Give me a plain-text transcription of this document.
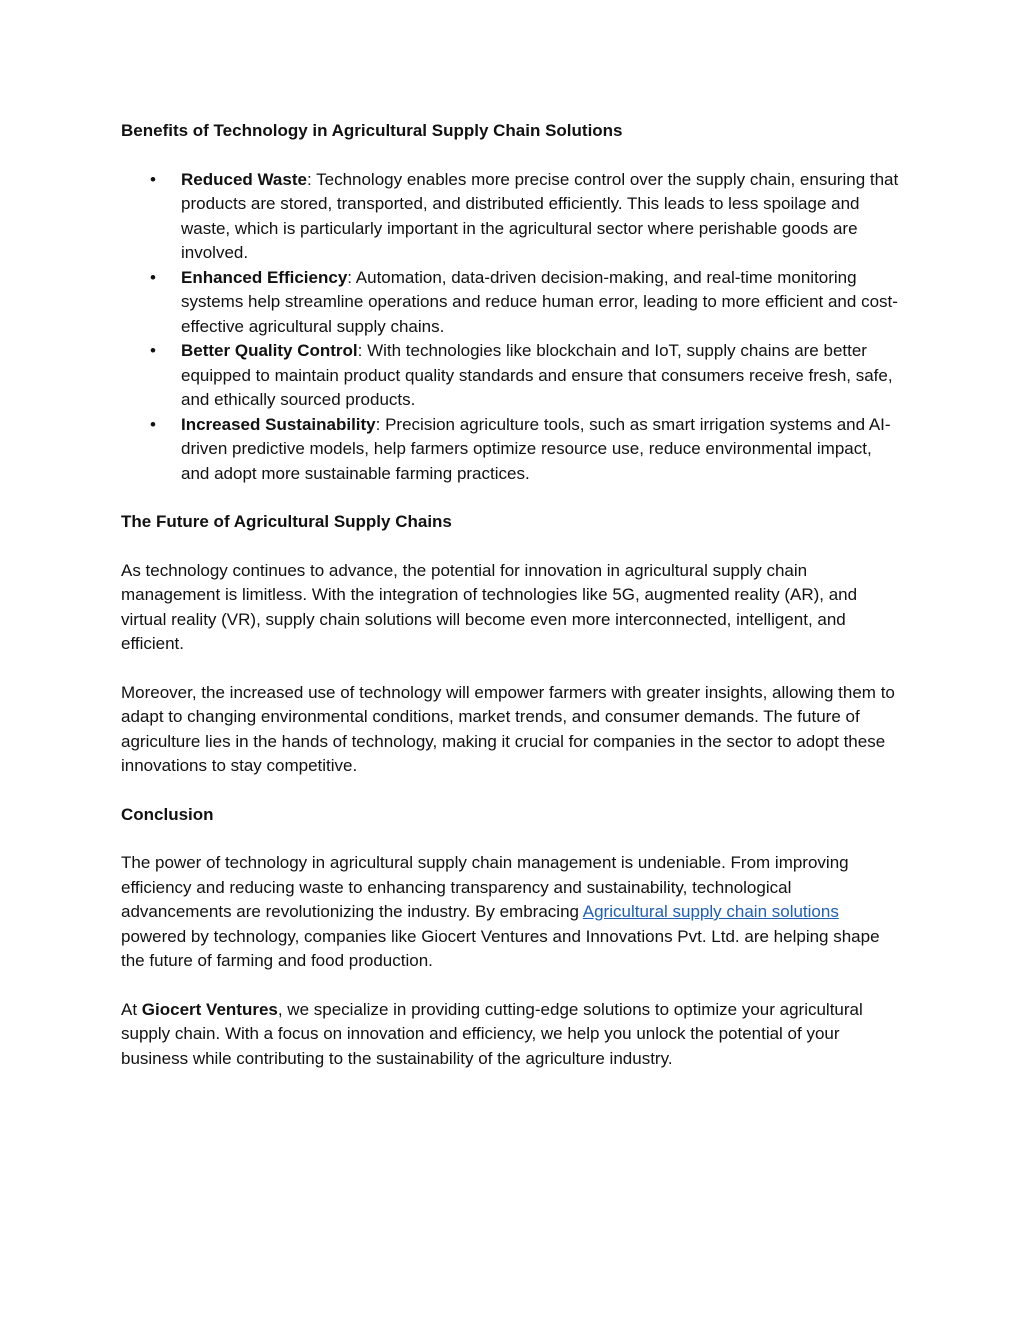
Benefits of Technology in Agricultural Supply Chain Solutions
• Reduced Waste: Technology enables more precise control over the supply chain, ensuring that products are stored, transported, and distributed efficiently. This leads to less spoilage and waste, which is particularly important in the agricultural sector where perishable goods are involved.
• Enhanced Efficiency: Automation, data-driven decision-making, and real-time monitoring systems help streamline operations and reduce human error, leading to more efficient and cost-effective agricultural supply chains.
• Better Quality Control: With technologies like blockchain and IoT, supply chains are better equipped to maintain product quality standards and ensure that consumers receive fresh, safe, and ethically sourced products.
• Increased Sustainability: Precision agriculture tools, such as smart irrigation systems and AI-driven predictive models, help farmers optimize resource use, reduce environmental impact, and adopt more sustainable farming practices.
The Future of Agricultural Supply Chains

As technology continues to advance, the potential for innovation in agricultural supply chain management is limitless. With the integration of technologies like 5G, augmented reality (AR), and virtual reality (VR), supply chain solutions will become even more interconnected, intelligent, and efficient.

Moreover, the increased use of technology will empower farmers with greater insights, allowing them to adapt to changing environmental conditions, market trends, and consumer demands. The future of agriculture lies in the hands of technology, making it crucial for companies in the sector to adopt these innovations to stay competitive.

Conclusion

The power of technology in agricultural supply chain management is undeniable. From improving efficiency and reducing waste to enhancing transparency and sustainability, technological advancements are revolutionizing the industry. By embracing Agricultural supply chain solutions powered by technology, companies like Giocert Ventures and Innovations Pvt. Ltd. are helping shape the future of farming and food production.

At Giocert Ventures, we specialize in providing cutting-edge solutions to optimize your agricultural supply chain. With a focus on innovation and efficiency, we help you unlock the potential of your business while contributing to the sustainability of the agriculture industry.
